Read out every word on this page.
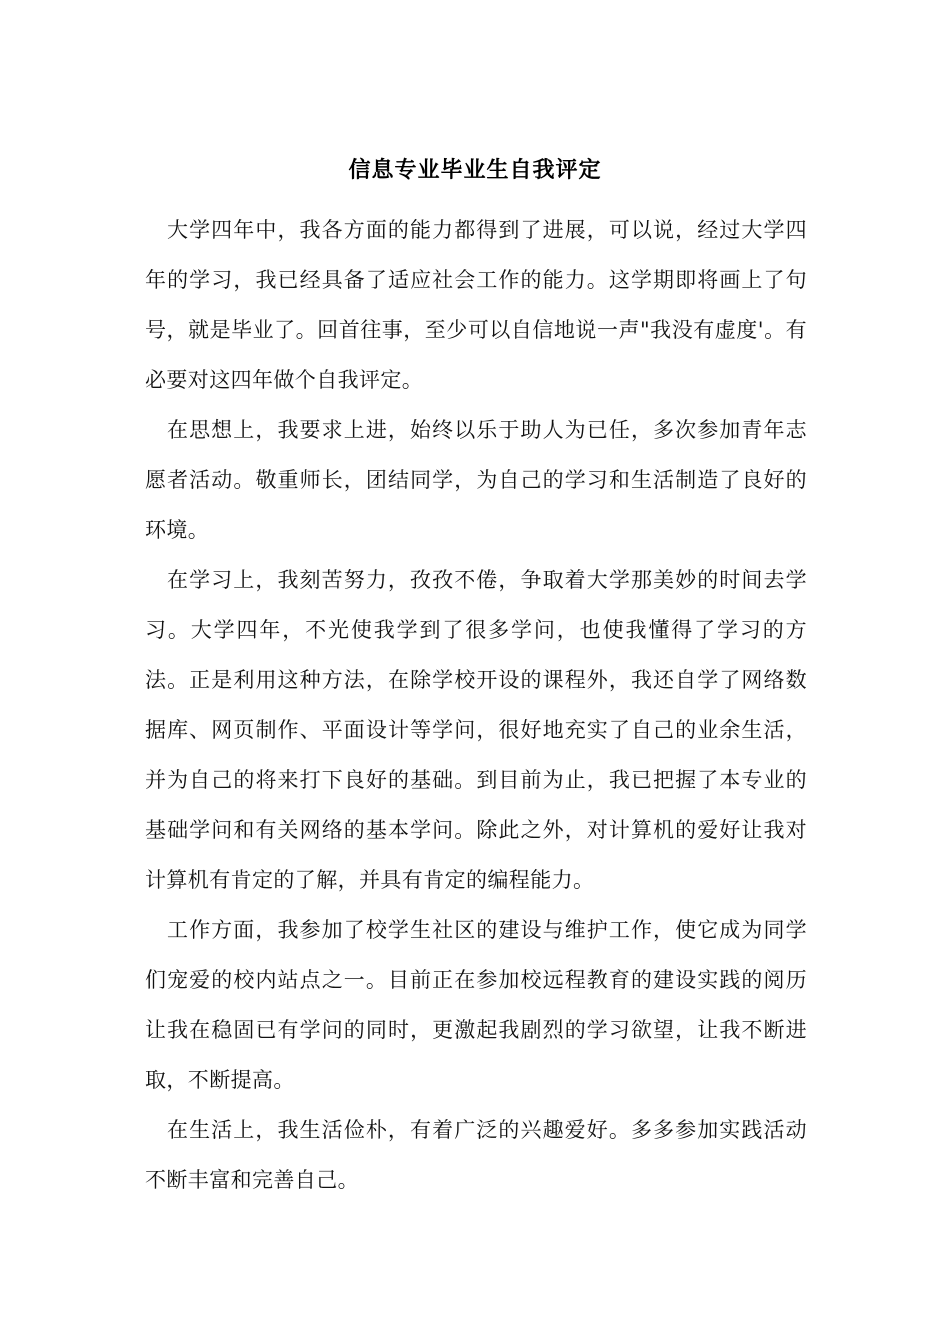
信息专业毕业生自我评定

大学四年中，我各方面的能力都得到了进展，可以说，经过大学四年的学习，我已经具备了适应社会工作的能力。这学期即将画上了句号，就是毕业了。回首往事，至少可以自信地说一声"我没有虚度'。有必要对这四年做个自我评定。

在思想上，我要求上进，始终以乐于助人为已任，多次参加青年志愿者活动。敬重师长，团结同学，为自己的学习和生活制造了良好的环境。

在学习上，我刻苦努力，孜孜不倦，争取着大学那美妙的时间去学习。大学四年，不光使我学到了很多学问，也使我懂得了学习的方法。正是利用这种方法，在除学校开设的课程外，我还自学了网络数据库、网页制作、平面设计等学问，很好地充实了自己的业余生活，并为自己的将来打下良好的基础。到目前为止，我已把握了本专业的基础学问和有关网络的基本学问。除此之外，对计算机的爱好让我对计算机有肯定的了解，并具有肯定的编程能力。

工作方面，我参加了校学生社区的建设与维护工作，使它成为同学们宠爱的校内站点之一。目前正在参加校远程教育的建设实践的阅历让我在稳固已有学问的同时，更激起我剧烈的学习欲望，让我不断进取，不断提高。

在生活上，我生活俭朴，有着广泛的兴趣爱好。多多参加实践活动不断丰富和完善自己。
